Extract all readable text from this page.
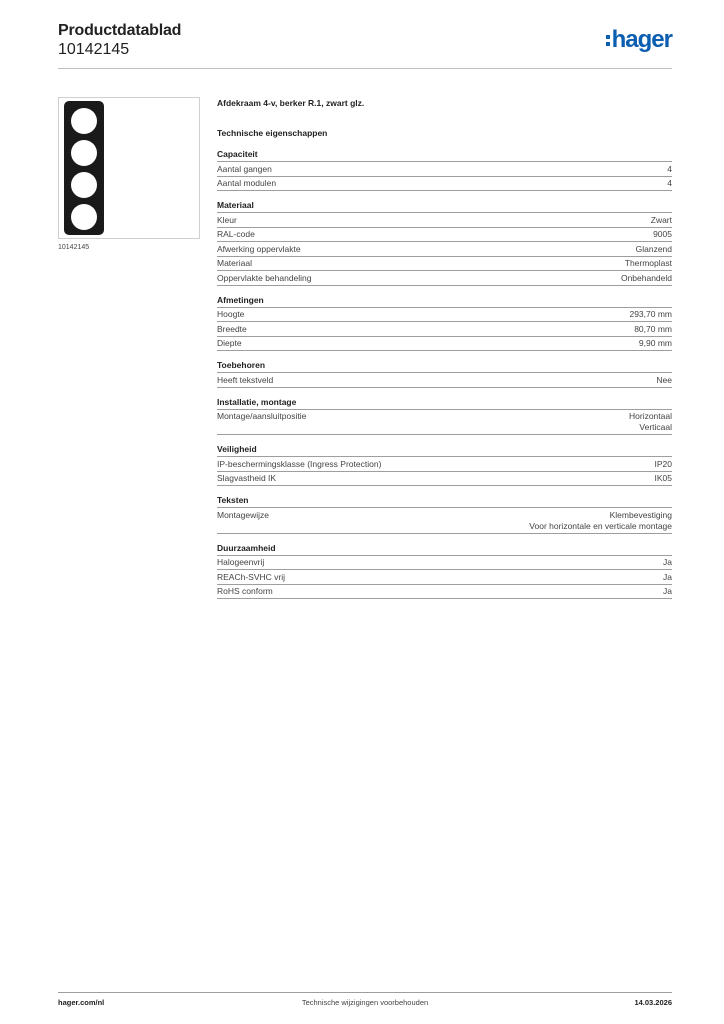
Productdatablad
10142145	hager
10142145
Afdekraam 4-v, berker R.1, zwart glz.
Technische eigenschappen
Capaciteit
Aantal gangen	4
Aantal modulen	4
Materiaal
Kleur	Zwart
RAL-code	9005
Afwerking oppervlakte	Glanzend
Materiaal	Thermoplast
Oppervlakte behandeling	Onbehandeld
Afmetingen
Hoogte	293,70 mm
Breedte	80,70 mm
Diepte	9,90 mm
Toebehoren
Heeft tekstveld	Nee
Installatie, montage
Montage/aansluitpositie	Horizontaal
Verticaal
Veiligheid
IP-beschermingsklasse (Ingress Protection)	IP20
Slagvastheid IK	IK05
Teksten
Montagewijze	Klembevestiging
Voor horizontale en verticale montage
Duurzaamheid
Halogeenvrij	Ja
REACh-SVHC vrij	Ja
RoHS conform	Ja
hager.com/nl	Technische wijzigingen voorbehouden	14.03.2026
